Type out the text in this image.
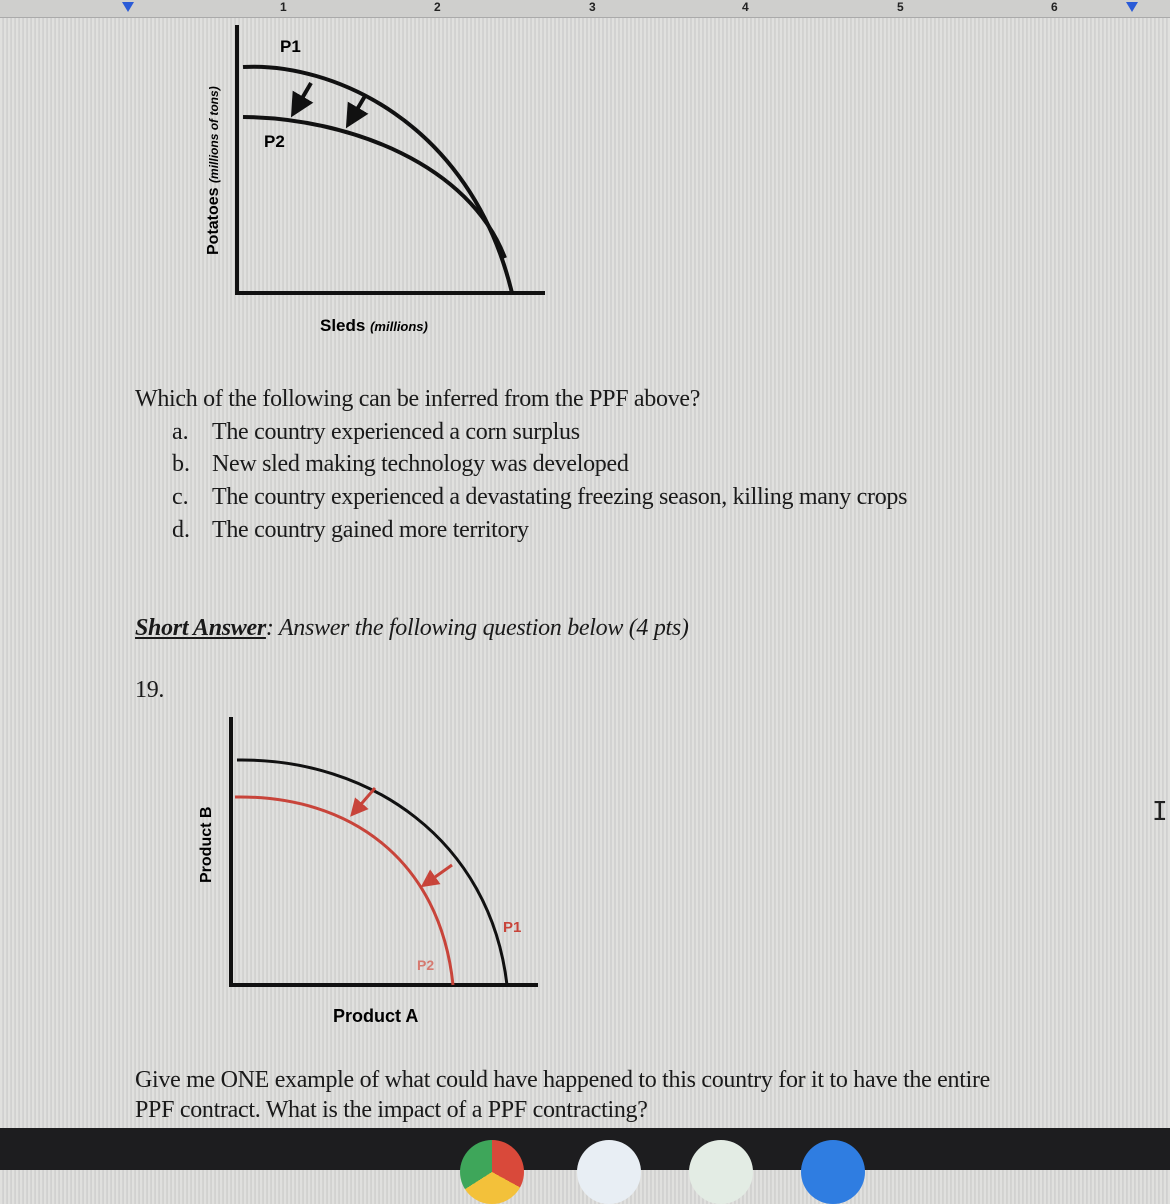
1	2	3	4	5	6
P1
P2
Potatoes (millions of tons)
Sleds (millions)
P1
P2
Product B
Product A
Which of the following can be inferred from the PPF above?
a. The country experienced a corn surplus
b. New sled making technology was developed
c. The country experienced a devastating freezing season, killing many crops
d. The country gained more territory
Short Answer: Answer the following question below (4 pts)
19.
Give me ONE example of what could have happened to this country for it to have the entire
PPF contract. What is the impact of a PPF contracting?
I
